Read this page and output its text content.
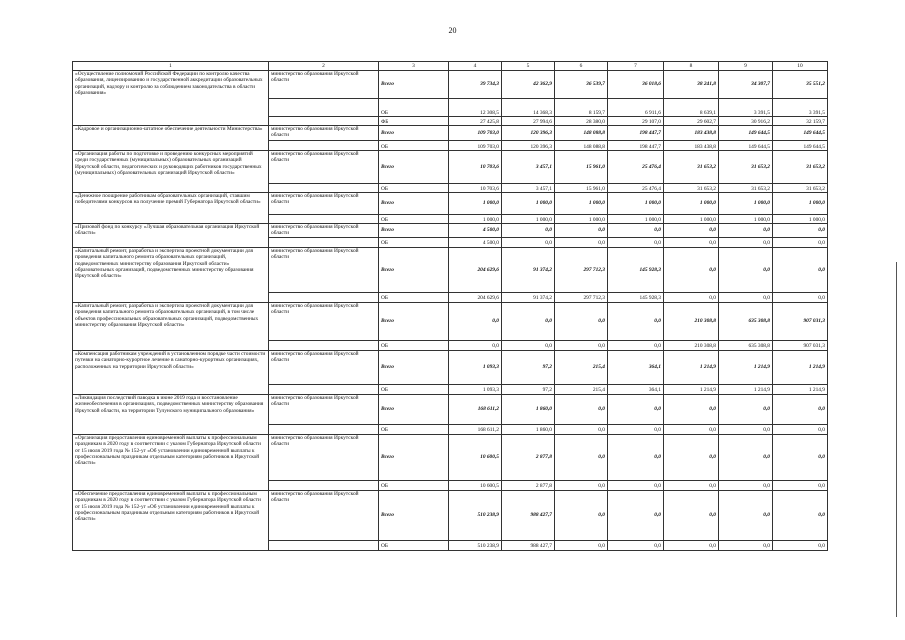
20
1	2	3	4	5	6	7	8	9	10
«Осуществление полномочий Российской Федерации по контролю качества образования, лицензированию и государственной аккредитации образовательных организаций, надзору и контролю за соблюдением законодательства в области образования»	министерство образования Иркутской области	Всего	39 734,3	42 362,9	36 539,7	36 018,6	38 241,8	34 307,7	35 551,2
		ОБ	12 308,5	14 368,3	8 159,7	6 911,6	8 639,1	3 391,5	3 391,5
		ФБ	27 425,8	27 994,6	28 380,0	29 107,0	29 602,7	30 916,2	32 159,7
«Кадровое и организационно-штатное обеспечение деятельности Министерства»	министерство образования Иркутской области	Всего	109 703,0	120 396,3	148 088,8	198 447,7	183 438,8	149 644,5	149 644,5
		ОБ	109 703,0	120 396,3	148 088,8	198 447,7	183 438,8	149 644,5	149 644,5
«Организация работы по подготовке и проведению конкурсных мероприятий среди государственных (муниципальных) образовательных организаций Иркутской области, педагогических и руководящих работников государственных (муниципальных) образовательных организаций Иркутской области»	министерство образования Иркутской области	Всего	10 703,6	3 457,1	15 961,0	25 476,4	31 653,2	31 653,2	31 653,2
		ОБ	10 703,6	3 457,1	15 961,0	25 476,4	31 653,2	31 653,2	31 653,2
«Денежное поощрение работникам образовательных организаций, ставшим победителями конкурсов на получение премий Губернатора Иркутской области»	министерство образования Иркутской области	Всего	1 000,0	1 000,0	1 000,0	1 000,0	1 000,0	1 000,0	1 000,0
		ОБ	1 000,0	1 000,0	1 000,0	1 000,0	1 000,0	1 000,0	1 000,0
«Призовой фонд по конкурсу «Лучшая образовательная организация Иркутской области»	министерство образования Иркутской области	Всего	4 500,0	0,0	0,0	0,0	0,0	0,0	0,0
		ОБ	4 500,0	0,0	0,0	0,0	0,0	0,0	0,0
«Капитальный ремонт, разработка и экспертиза проектной документации для проведения капитального ремонта образовательных организаций, подведомственных министерству образования Иркутской области» образовательных организаций, подведомственных министерству образования Иркутской области»	министерство образования Иркутской области	Всего	204 629,6	91 374,2	297 712,3	145 928,3	0,0	0,0	0,0
		ОБ	204 629,6	91 374,2	297 712,3	145 928,3	0,0	0,0	0,0
«Капитальный ремонт, разработка и экспертиза проектной документации для проведения капитального ремонта образовательных организаций, в том числе объектов профессиональных образовательных организаций, подведомственных министерству образования Иркутской области»	министерство образования Иркутской области	Всего	0,0	0,0	0,0	0,0	210 308,8	635 308,8	907 031,3
		ОБ	0,0	0,0	0,0	0,0	210 308,8	635 308,8	907 031,3
«Компенсация работникам учреждений в установленном порядке части стоимости путевки на санаторно-курортное лечение в санаторно-курортных организациях, расположенных на территории Иркутской области»	министерство образования Иркутской области	Всего	1 093,3	97,2	215,4	364,1	1 214,9	1 214,9	1 214,9
		ОБ	1 093,3	97,2	215,4	364,1	1 214,9	1 214,9	1 214,9
«Ликвидация последствий паводка в июне 2019 года и восстановление жизнеобеспечения в организациях, подведомственных министерству образования Иркутской области, на территории Тулунского муниципального образования»	министерство образования Иркутской области	Всего	168 611,2	1 860,0	0,0	0,0	0,0	0,0	0,0
		ОБ	168 611,2	1 860,0	0,0	0,0	0,0	0,0	0,0
«Организация предоставления единовременной выплаты к профессиональным праздникам в 2020 году в соответствии с указом Губернатора Иркутской области от 15 июля 2019 года № 152-уг «Об установлении единовременной выплаты к профессиональным праздникам отдельным категориям работников в Иркутской области»	министерство образования Иркутской области	Всего	10 600,5	2 877,8	0,0	0,0	0,0	0,0	0,0
		ОБ	10 600,5	2 877,8	0,0	0,0	0,0	0,0	0,0
«Обеспечение предоставления единовременной выплаты к профессиональным праздникам в 2020 году в соответствии с указом Губернатора Иркутской области от 15 июля 2019 года № 152-уг «Об установлении единовременной выплаты к профессиональным праздникам отдельным категориям работников в Иркутской области»	министерство образования Иркутской области	Всего	510 238,9	988 427,7	0,0	0,0	0,0	0,0	0,0
		ОБ	510 238,9	988 427,7	0,0	0,0	0,0	0,0	0,0
